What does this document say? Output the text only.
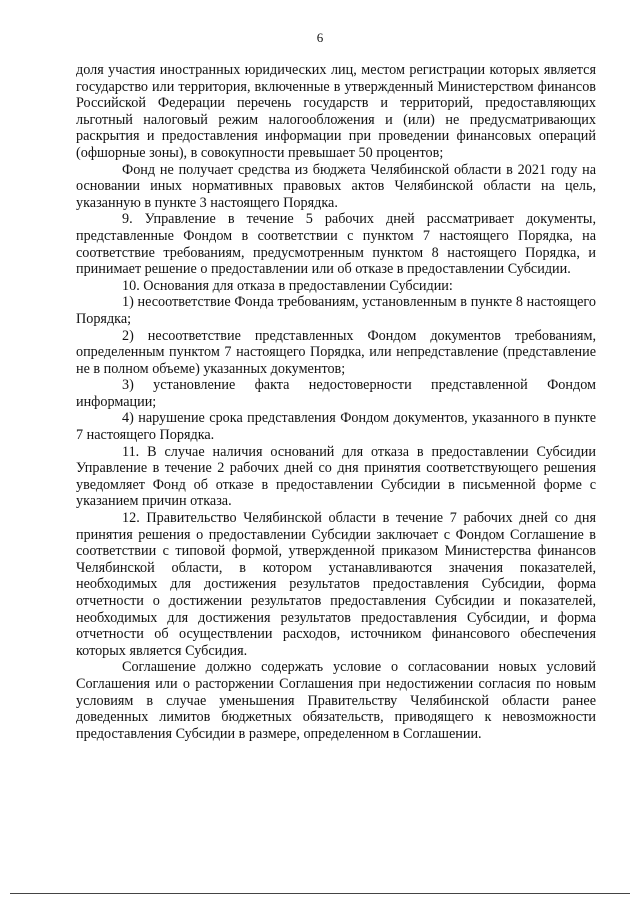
6

доля участия иностранных юридических лиц, местом регистрации которых является государство или территория, включенные в утвержденный Министерством финансов Российской Федерации перечень государств и территорий, предоставляющих льготный налоговый режим налогообложения и (или) не предусматривающих раскрытия и предоставления информации при проведении финансовых операций (офшорные зоны), в совокупности превышает 50 процентов;

Фонд не получает средства из бюджета Челябинской области в 2021 году на основании иных нормативных правовых актов Челябинской области на цель, указанную в пункте 3 настоящего Порядка.

9. Управление в течение 5 рабочих дней рассматривает документы, представленные Фондом в соответствии с пунктом 7 настоящего Порядка, на соответствие требованиям, предусмотренным пунктом 8 настоящего Порядка, и принимает решение о предоставлении или об отказе в предоставлении Субсидии.

10. Основания для отказа в предоставлении Субсидии:

1) несоответствие Фонда требованиям, установленным в пункте 8 настоящего Порядка;

2) несоответствие представленных Фондом документов требованиям, определенным пунктом 7 настоящего Порядка, или непредставление (представление не в полном объеме) указанных документов;

3) установление факта недостоверности представленной Фондом информации;

4) нарушение срока представления Фондом документов, указанного в пункте 7 настоящего Порядка.

11. В случае наличия оснований для отказа в предоставлении Субсидии Управление в течение 2 рабочих дней со дня принятия соответствующего решения уведомляет Фонд об отказе в предоставлении Субсидии в письменной форме с указанием причин отказа.

12. Правительство Челябинской области в течение 7 рабочих дней со дня принятия решения о предоставлении Субсидии заключает с Фондом Соглашение в соответствии с типовой формой, утвержденной приказом Министерства финансов Челябинской области, в котором устанавливаются значения показателей, необходимых для достижения результатов предоставления Субсидии, форма отчетности о достижении результатов предоставления Субсидии и показателей, необходимых для достижения результатов предоставления Субсидии, и форма отчетности об осуществлении расходов, источником финансового обеспечения которых является Субсидия.

Соглашение должно содержать условие о согласовании новых условий Соглашения или о расторжении Соглашения при недостижении согласия по новым условиям в случае уменьшения Правительству Челябинской области ранее доведенных лимитов бюджетных обязательств, приводящего к невозможности предоставления Субсидии в размере, определенном в Соглашении.
